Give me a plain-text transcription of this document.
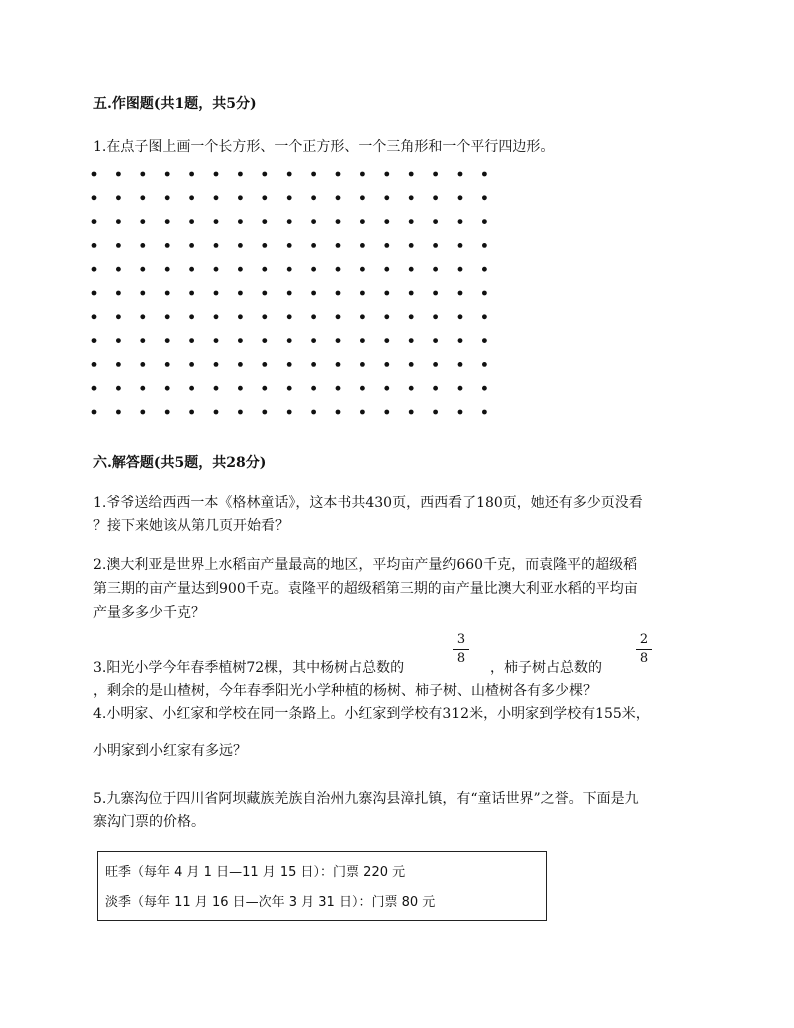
五.作图题(共1题，共5分)
1.在点子图上画一个长方形、一个正方形、一个三角形和一个平行四边形。
六.解答题(共5题，共28分)
1.爷爷送给西西一本《格林童话》，这本书共430页，西西看了180页，她还有多少页没看
？接下来她该从第几页开始看？
2.澳大利亚是世界上水稻亩产量最高的地区，平均亩产量约660千克，而袁隆平的超级稻
第三期的亩产量达到900千克。袁隆平的超级稻第三期的亩产量比澳大利亚水稻的平均亩
产量多多少千克？
3.阳光小学今年春季植树72棵，其中杨树占总数的
3
8
，柿子树占总数的
2
8
，剩余的是山楂树，今年春季阳光小学种植的杨树、柿子树、山楂树各有多少棵？
4.小明家、小红家和学校在同一条路上。小红家到学校有312米，小明家到学校有155米，
小明家到小红家有多远？
5.九寨沟位于四川省阿坝藏族羌族自治州九寨沟县漳扎镇，有“童话世界”之誉。下面是九
寨沟门票的价格。
旺季（每年 4 月 1 日—11 月 15 日）：门票 220 元
淡季（每年 11 月 16 日—次年 3 月 31 日）：门票 80 元
